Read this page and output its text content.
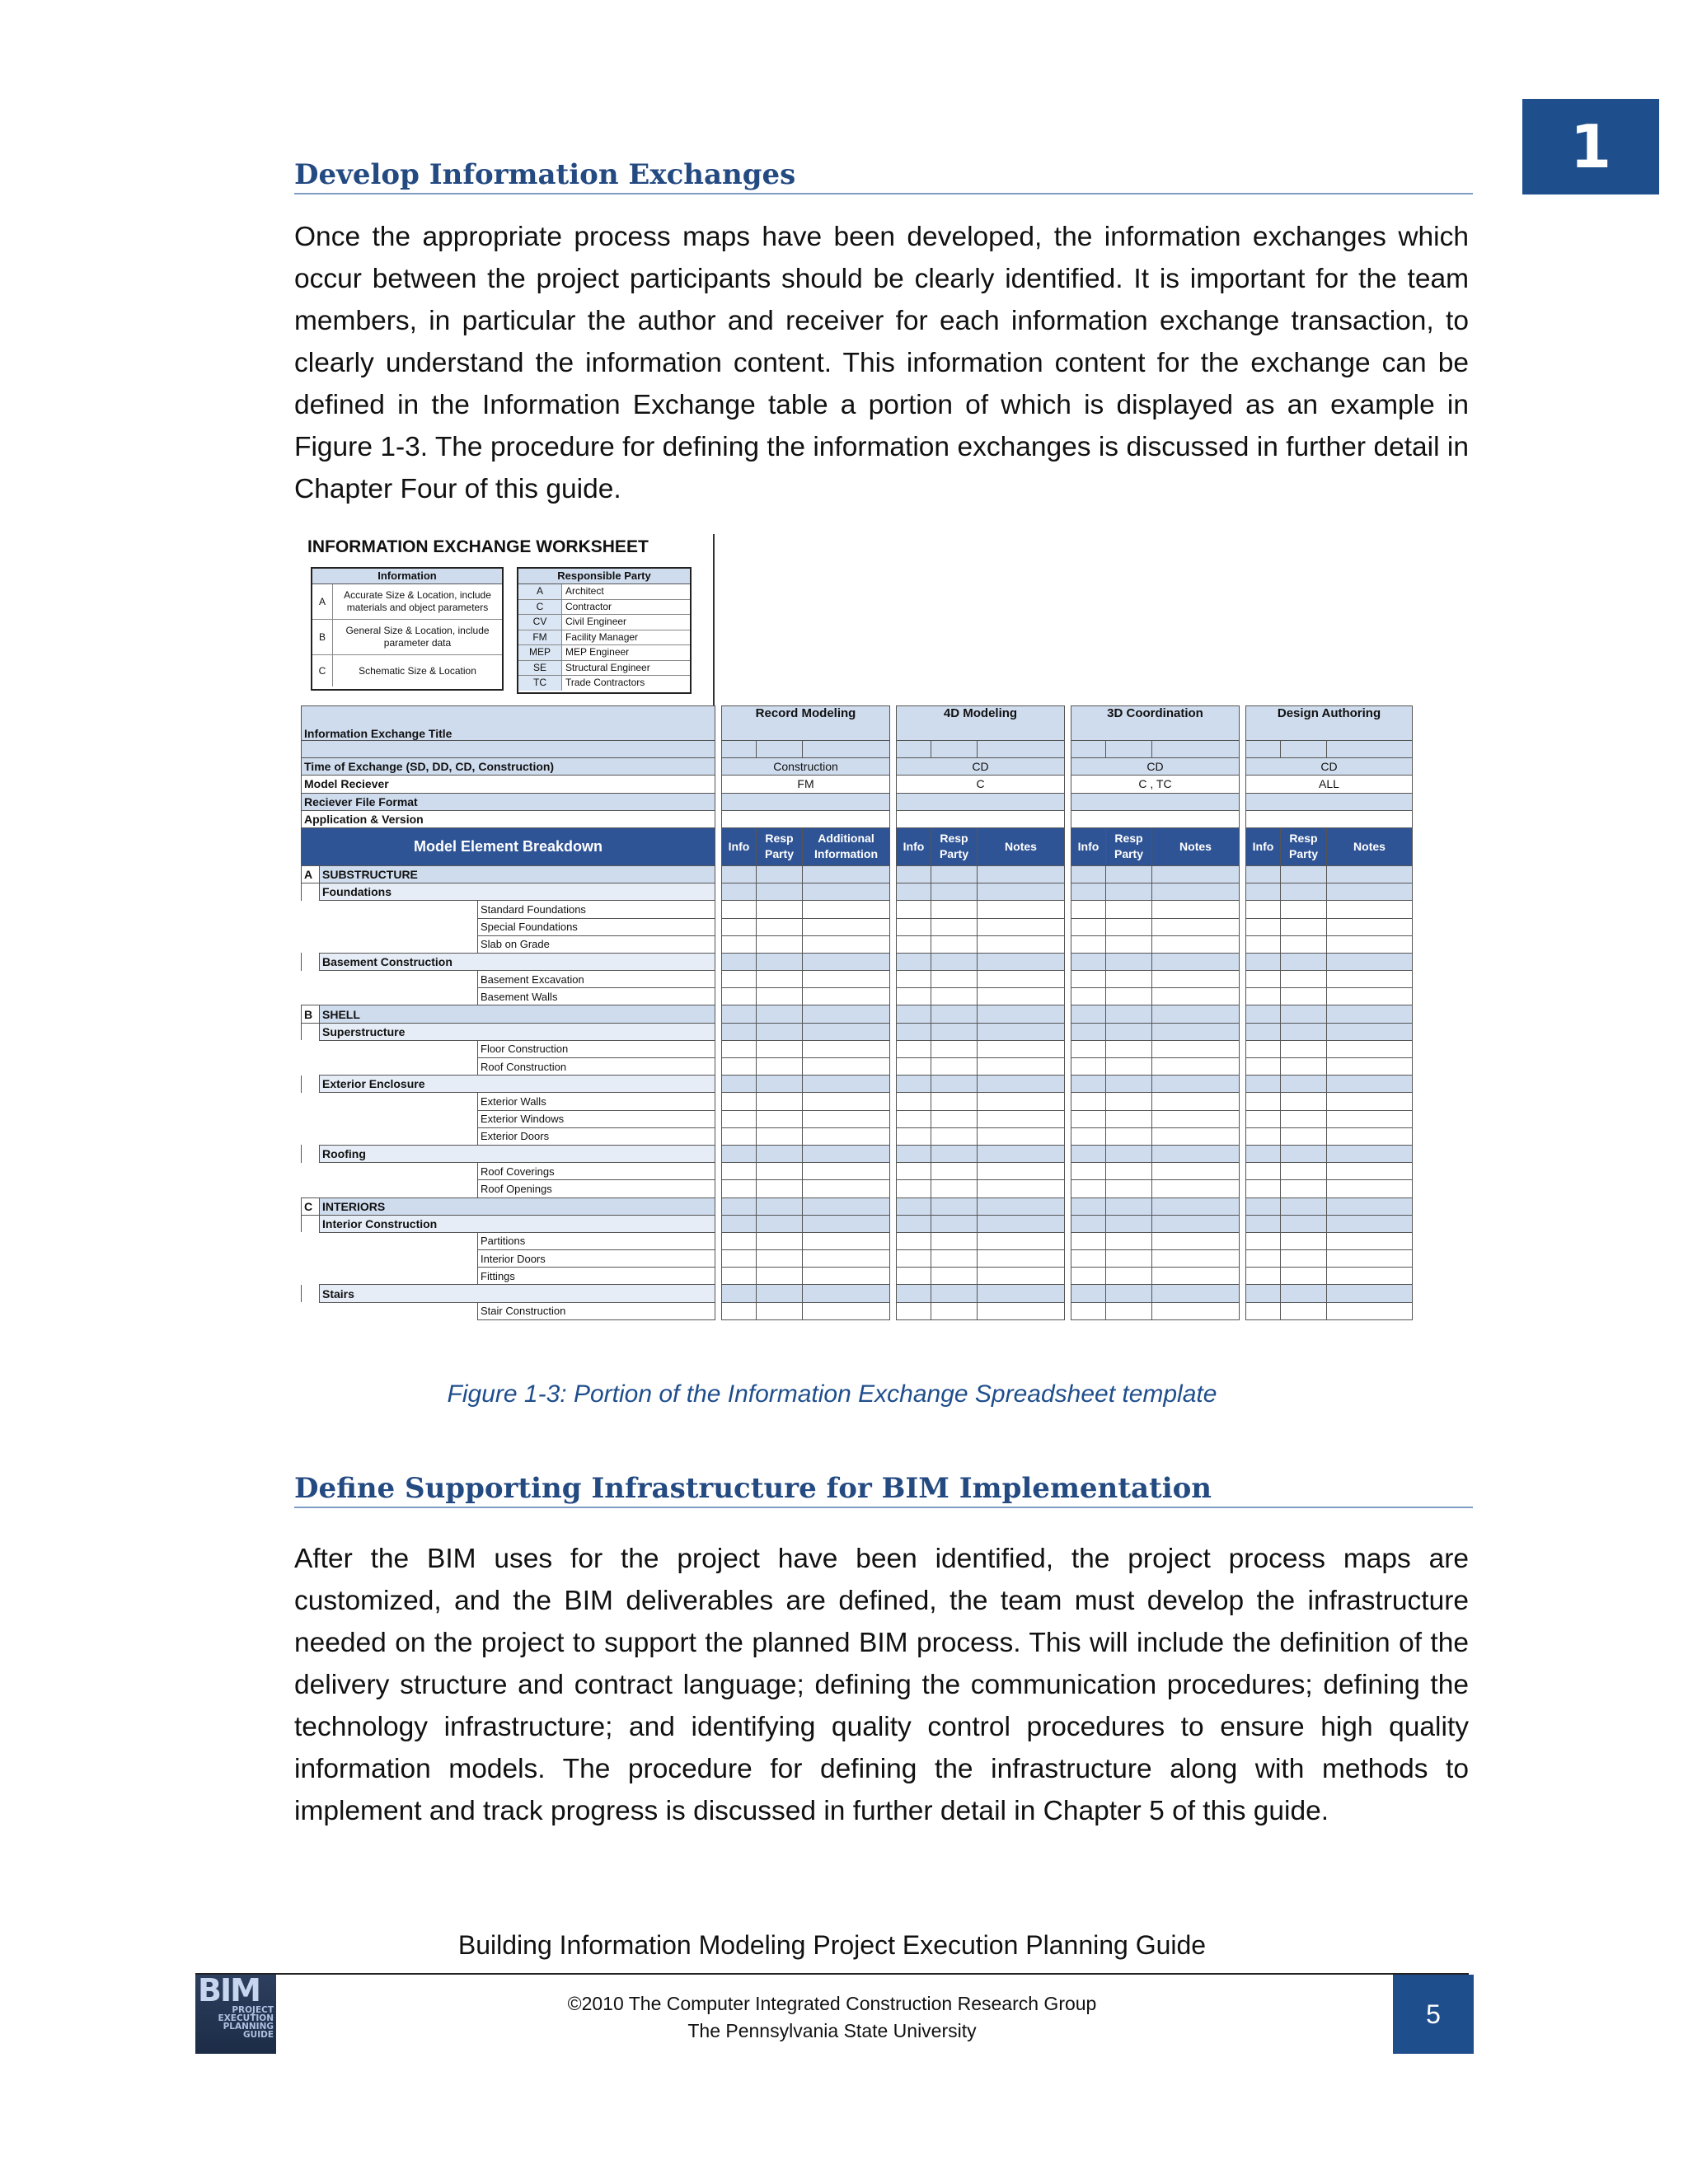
1
Develop Information Exchanges
Once the appropriate process maps have been developed, the information exchanges which occur between the project participants should be clearly identified. It is important for the team members, in particular the author and receiver for each information exchange transaction, to clearly understand the information content. This information content for the exchange can be defined in the Information Exchange table a portion of which is displayed as an example in Figure 1-3. The procedure for defining the information exchanges is discussed in further detail in Chapter Four of this guide.
INFORMATION EXCHANGE WORKSHEET
Information
A
Accurate Size & Location, include materials and object parameters
B
General Size & Location, include parameter data
C	Schematic Size & Location
Responsible Party
A	Architect
C	Contractor
CV	Civil Engineer
FM	Facility Manager
MEP	MEP Engineer
SE	Structural Engineer
TC	Trade Contractors
Information Exchange Title				Record Modeling				4D Modeling				3D Coordination				Design Authoring		

Time of Exchange (SD, DD, CD, Construction)				Construction				CD				CD				CD		
Model Reciever				FM				C				C , TC				ALL		
Reciever File Format																		
Application & Version																		
Model Element Breakdown				Info	Resp Party	Additional Information		Info	Resp Party	Notes		Info	Resp Party	Notes		Info	Resp Party	Notes
A	SUBSTRUCTURE																	
	Foundations																	
		Standard Foundations																
		Special Foundations																
		Slab on Grade																
	Basement Construction																	
		Basement Excavation																
		Basement Walls																
B	SHELL																	
	Superstructure																	
		Floor Construction																
		Roof Construction																
	Exterior Enclosure																	
		Exterior Walls																
		Exterior Windows																
		Exterior Doors																
	Roofing																	
		Roof Coverings																
		Roof Openings																
C	INTERIORS																	
	Interior Construction																	
		Partitions																
		Interior Doors																
		Fittings																
	Stairs																	
		Stair Construction																
Figure 1-3: Portion of the Information Exchange Spreadsheet template
Define Supporting Infrastructure for BIM Implementation
After the BIM uses for the project have been identified, the project process maps are customized, and the BIM deliverables are defined, the team must develop the infrastructure needed on the project to support the planned BIM process. This will include the definition of the delivery structure and contract language; defining the communication procedures; defining the technology infrastructure; and identifying quality control procedures to ensure high quality information models. The procedure for defining the infrastructure along with methods to implement and track progress is discussed in further detail in Chapter 5 of this guide.
Building Information Modeling Project Execution Planning Guide
BIM
PROJECT
EXECUTION
PLANNING
GUIDE
©2010 The Computer Integrated Construction Research Group
The Pennsylvania State University
5
